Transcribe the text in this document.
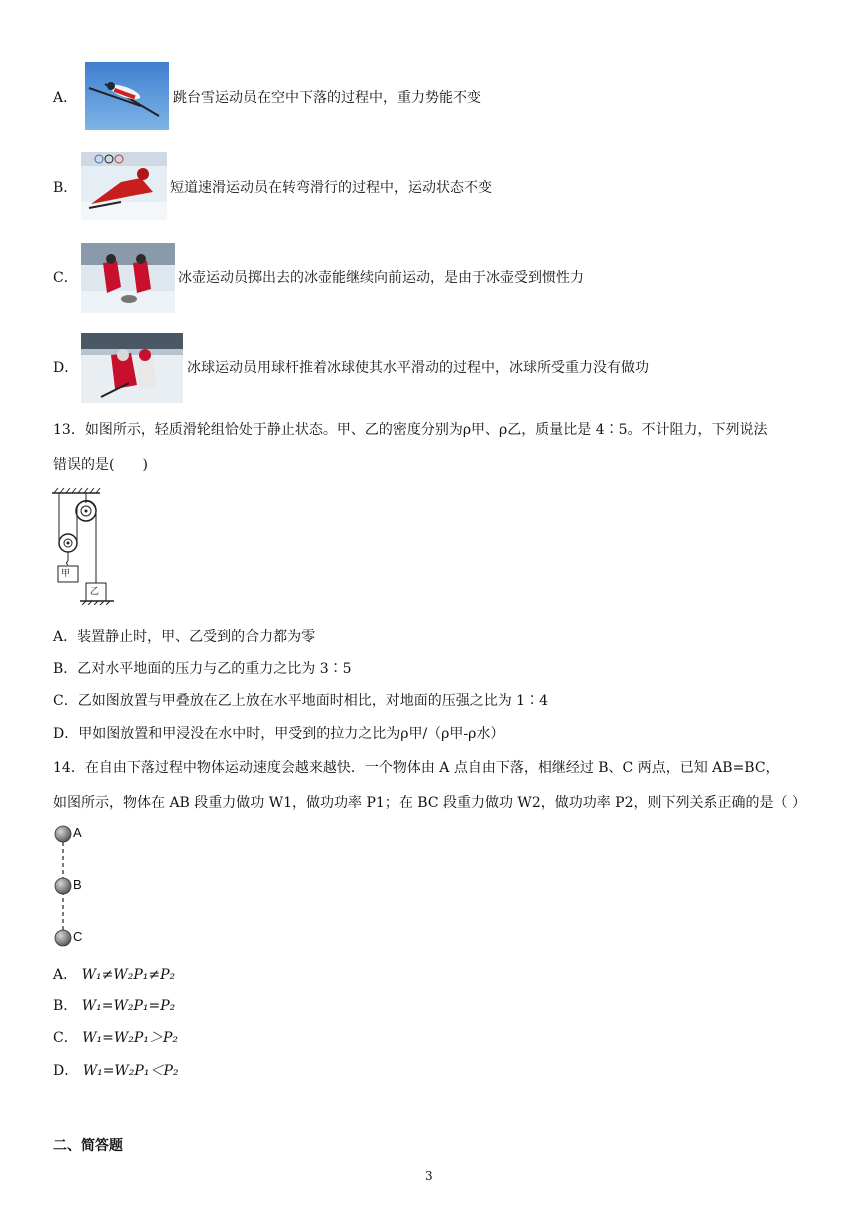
A．	跳台雪运动员在空中下落的过程中，重力势能不变
B．	短道速滑运动员在转弯滑行的过程中，运动状态不变
C．	冰壶运动员掷出去的冰壶能继续向前运动，是由于冰壶受到惯性力
D．	冰球运动员用球杆推着冰球使其水平滑动的过程中，冰球所受重力没有做功
13．如图所示，轻质滑轮组恰处于静止状态。甲、乙的密度分别为ρ甲、ρ乙，质量比是 4∶5。不计阻力，下列说法
错误的是(　　)
甲
乙
A．装置静止时，甲、乙受到的合力都为零
B．乙对水平地面的压力与乙的重力之比为 3∶5
C．乙如图放置与甲叠放在乙上放在水平地面时相比，对地面的压强之比为 1∶4
D．甲如图放置和甲浸没在水中时，甲受到的拉力之比为ρ甲/（ρ甲-ρ水）
14．在自由下落过程中物体运动速度会越来越快．一个物体由 A 点自由下落，相继经过 B、C 两点，已知 AB=BC，
如图所示，物体在 AB 段重力做功 W1，做功功率 P1；在 BC 段重力做功 W2，做功功率 P2，则下列关系正确的是（ ）
A
B
C
A． W₁≠W₂P₁≠P₂
B． W₁=W₂P₁=P₂
C． W₁=W₂P₁＞P₂
D． W₁=W₂P₁＜P₂
二、简答题
3
